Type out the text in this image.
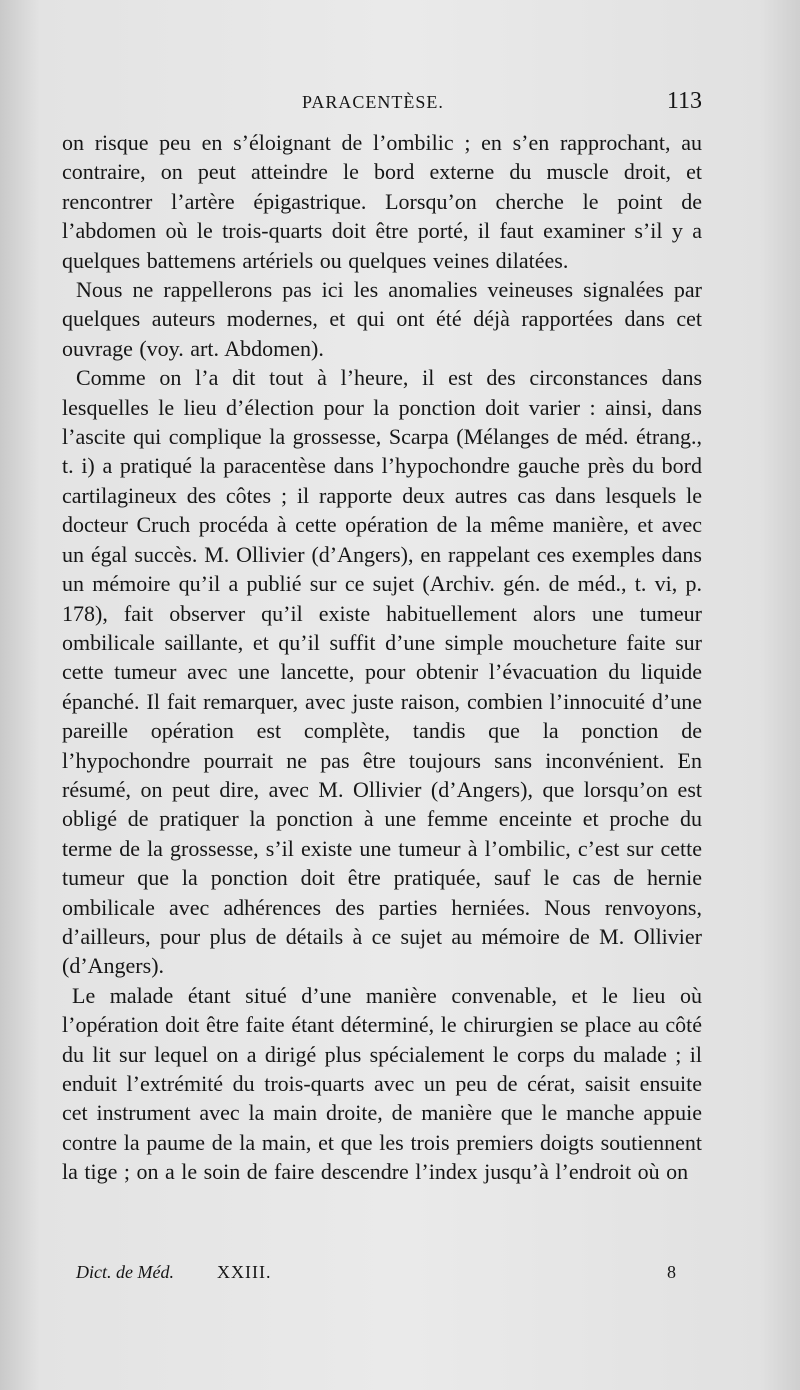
PARACENTÈSE.	113

on risque peu en s’éloignant de l’ombilic ; en s’en rapprochant, au contraire, on peut atteindre le bord externe du muscle droit, et rencontrer l’artère épigastrique. Lorsqu’on cherche le point de l’abdomen où le trois-quarts doit être porté, il faut examiner s’il y a quelques battemens artériels ou quelques veines dilatées.

Nous ne rappellerons pas ici les anomalies veineuses signalées par quelques auteurs modernes, et qui ont été déjà rapportées dans cet ouvrage (voy. art. Abdomen).

Comme on l’a dit tout à l’heure, il est des circonstances dans lesquelles le lieu d’élection pour la ponction doit varier : ainsi, dans l’ascite qui complique la grossesse, Scarpa (Mélanges de méd. étrang., t. i) a pratiqué la paracentèse dans l’hypochondre gauche près du bord cartilagineux des côtes ; il rapporte deux autres cas dans lesquels le docteur Cruch procéda à cette opération de la même manière, et avec un égal succès. M. Ollivier (d’Angers), en rappelant ces exemples dans un mémoire qu’il a publié sur ce sujet (Archiv. gén. de méd., t. vi, p. 178), fait observer qu’il existe habituellement alors une tumeur ombilicale saillante, et qu’il suffit d’une simple moucheture faite sur cette tumeur avec une lancette, pour obtenir l’évacuation du liquide épanché. Il fait remarquer, avec juste raison, combien l’innocuité d’une pareille opération est complète, tandis que la ponction de l’hypochondre pourrait ne pas être toujours sans inconvénient. En résumé, on peut dire, avec M. Ollivier (d’Angers), que lorsqu’on est obligé de pratiquer la ponction à une femme enceinte et proche du terme de la grossesse, s’il existe une tumeur à l’ombilic, c’est sur cette tumeur que la ponction doit être pratiquée, sauf le cas de hernie ombilicale avec adhérences des parties herniées. Nous renvoyons, d’ailleurs, pour plus de détails à ce sujet au mémoire de M. Ollivier (d’Angers).

Le malade étant situé d’une manière convenable, et le lieu où l’opération doit être faite étant déterminé, le chirurgien se place au côté du lit sur lequel on a dirigé plus spécialement le corps du malade ; il enduit l’extrémité du trois-quarts avec un peu de cérat, saisit ensuite cet instrument avec la main droite, de manière que le manche appuie contre la paume de la main, et que les trois premiers doigts soutiennent la tige ; on a le soin de faire descendre l’index jusqu’à l’endroit où on

Dict. de Méd. XXIII.	8
